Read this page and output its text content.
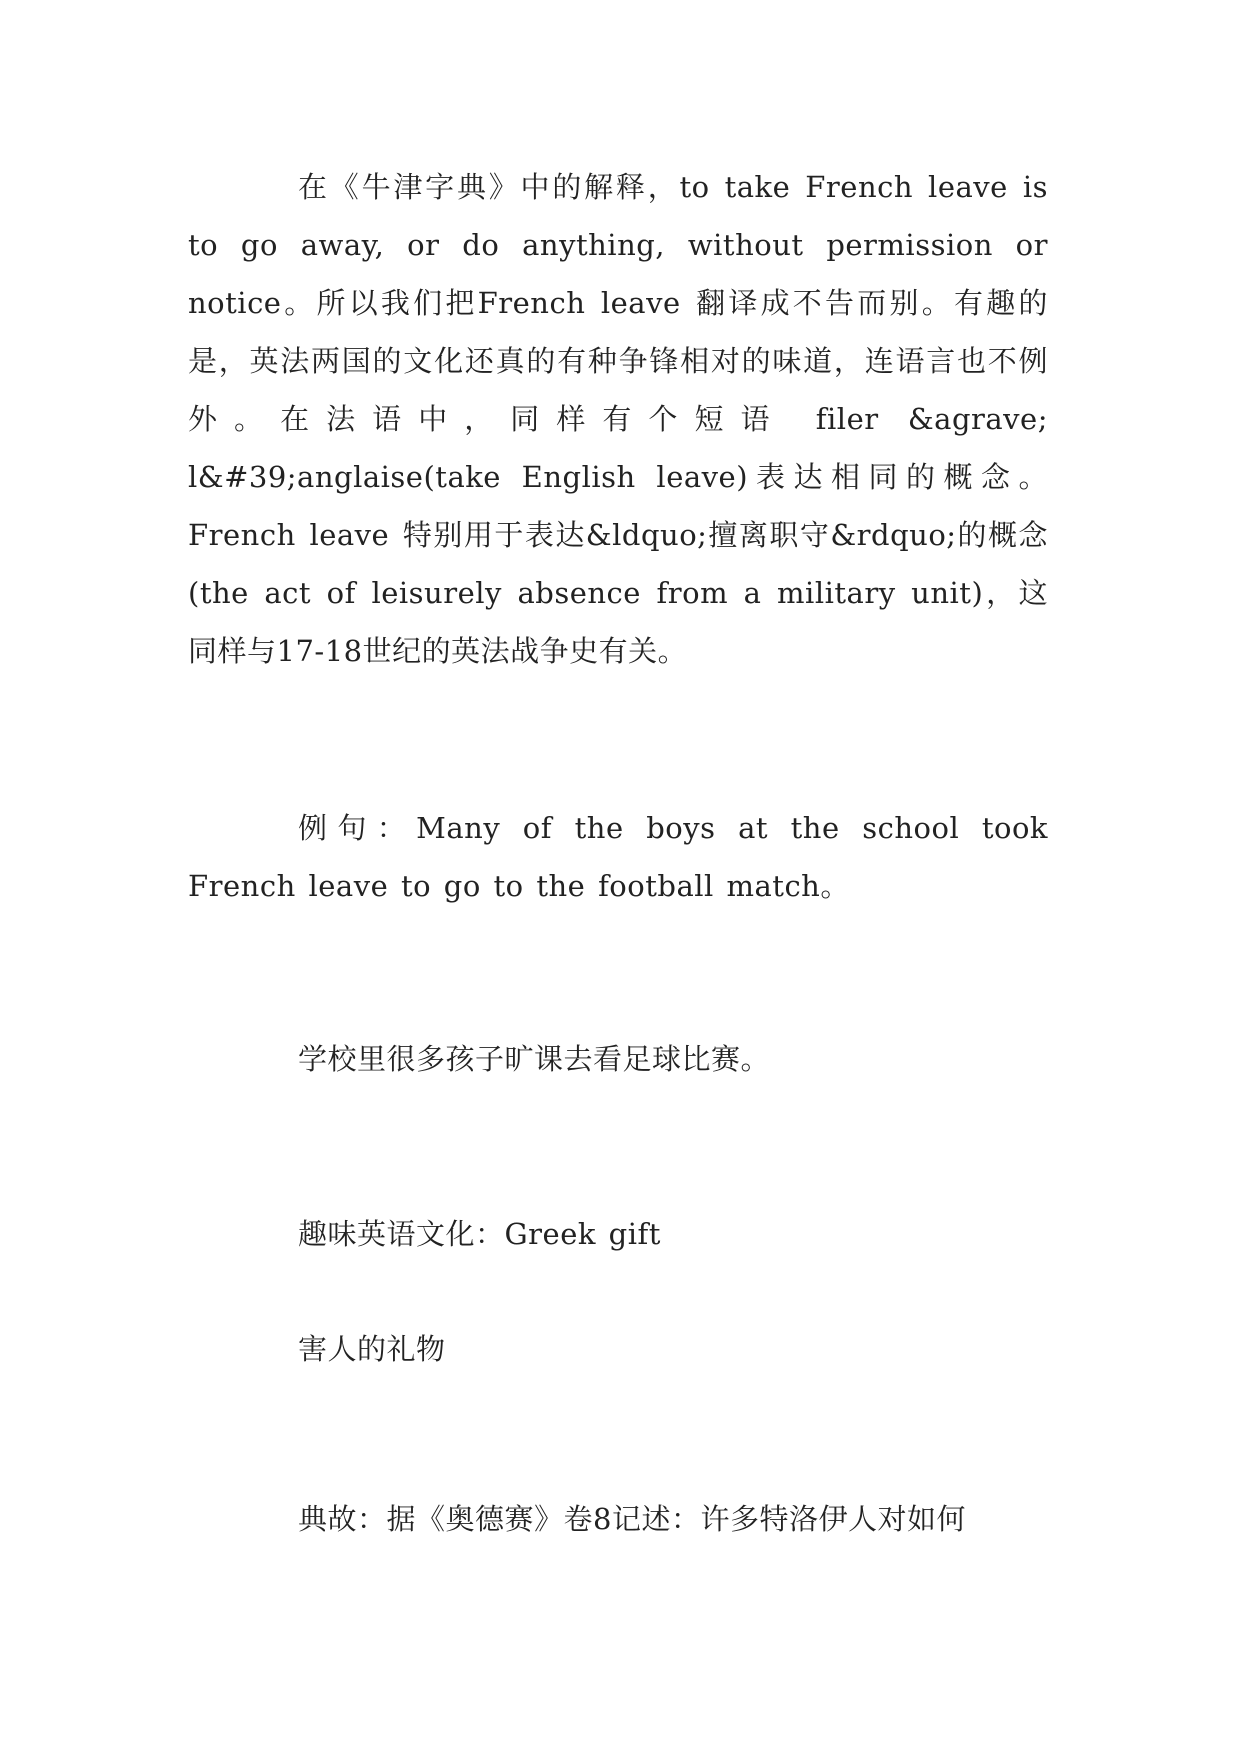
在《牛津字典》中的解释，to take French leave is to go away, or do anything, without permission or notice。所以我们把French leave 翻译成不告而别。有趣的是，英法两国的文化还真的有种争锋相对的味道，连语言也不例外。在法语中，同样有个短语 filer &agrave; l&#39;anglaise(take English leave)表达相同的概念。French leave 特别用于表达&ldquo;擅离职守&rdquo;的概念(the act of leisurely absence from a military unit)，这同样与17-18世纪的英法战争史有关。

例句：Many of the boys at the school took French leave to go to the football match。

学校里很多孩子旷课去看足球比赛。

趣味英语文化：Greek gift

害人的礼物

典故：据《奥德赛》卷8记述：许多特洛伊人对如何
